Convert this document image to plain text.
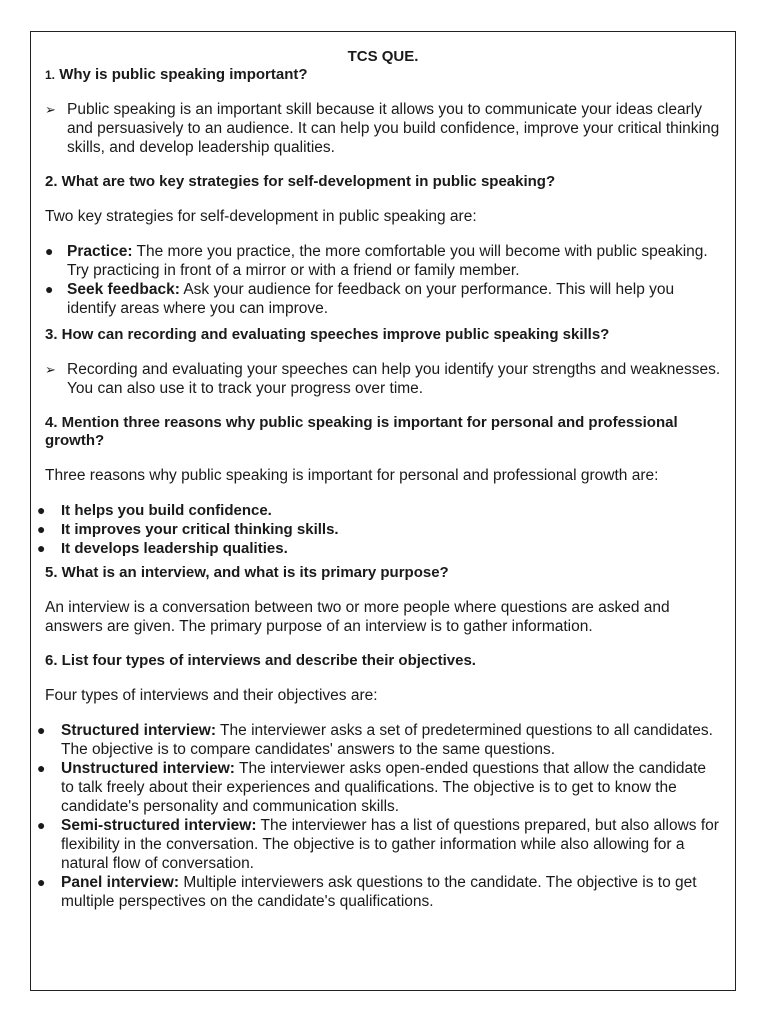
TCS QUE.
1. Why is public speaking important?
➢ Public speaking is an important skill because it allows you to communicate your ideas clearly and persuasively to an audience. It can help you build confidence, improve your critical thinking skills, and develop leadership qualities.
2. What are two key strategies for self-development in public speaking?

Two key strategies for self-development in public speaking are:

● Practice: The more you practice, the more comfortable you will become with public speaking. Try practicing in front of a mirror or with a friend or family member.
● Seek feedback: Ask your audience for feedback on your performance. This will help you identify areas where you can improve.
3. How can recording and evaluating speeches improve public speaking skills?
➢ Recording and evaluating your speeches can help you identify your strengths and weaknesses. You can also use it to track your progress over time.
4. Mention three reasons why public speaking is important for personal and professional growth?

Three reasons why public speaking is important for personal and professional growth are:

● It helps you build confidence.
● It improves your critical thinking skills.
● It develops leadership qualities.
5. What is an interview, and what is its primary purpose?

An interview is a conversation between two or more people where questions are asked and answers are given. The primary purpose of an interview is to gather information.

6. List four types of interviews and describe their objectives.

Four types of interviews and their objectives are:

● Structured interview: The interviewer asks a set of predetermined questions to all candidates. The objective is to compare candidates' answers to the same questions.
● Unstructured interview: The interviewer asks open-ended questions that allow the candidate to talk freely about their experiences and qualifications. The objective is to get to know the candidate's personality and communication skills.
● Semi-structured interview: The interviewer has a list of questions prepared, but also allows for flexibility in the conversation. The objective is to gather information while also allowing for a natural flow of conversation.
● Panel interview: Multiple interviewers ask questions to the candidate. The objective is to get multiple perspectives on the candidate's qualifications.
